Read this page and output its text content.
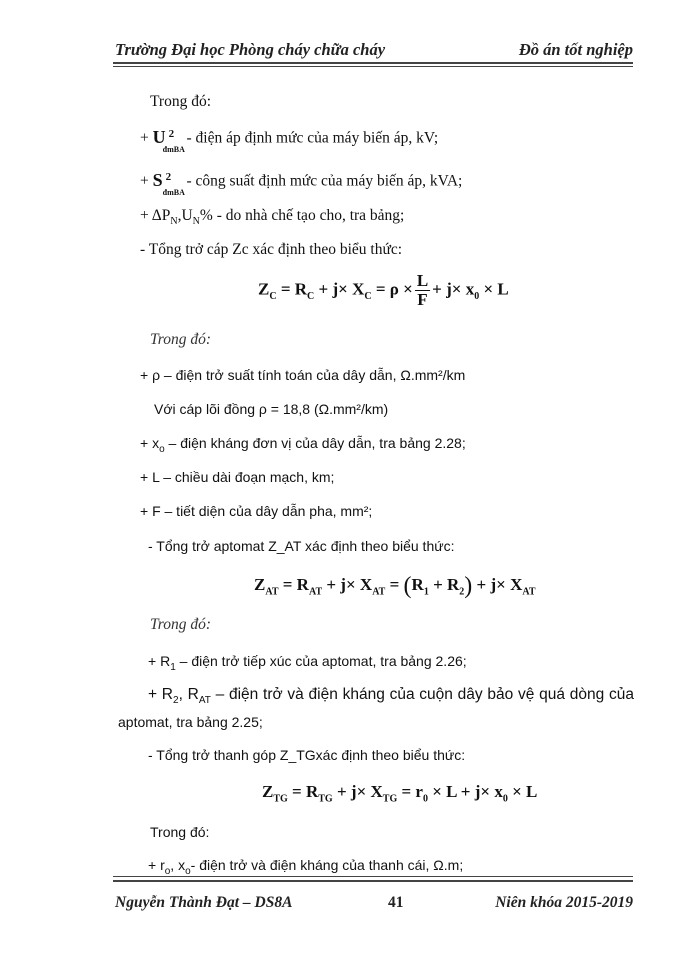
Trường Đại học Phòng cháy chữa cháy	Đồ án tốt nghiệp
Trong đó:
+ U 2
đmBA
- điện áp định mức của máy biến áp, kV;
+ S 2
đmBA
- công suất định mức của máy biến áp, kVA;
+ $\Delta P_N,U_N\%$ - do nhà chế tạo cho, tra bảng;
- Tổng trở cáp Zc xác định theo biểu thức:
$Z_C = R_C + j\times X_C = \rho \times \frac{L}{F} + j\times x_0 \times L$
Trong đó:
+ ρ – điện trở suất tính toán của dây dẫn, Ω.mm²/km
Với cáp lõi đồng ρ = 18,8 (Ω.mm²/km)
+ $x_o$ – điện kháng đơn vị của dây dẫn, tra bảng 2.28;
+ L – chiều dài đoạn mạch, km;
+ F – tiết diện của dây dẫn pha, mm²;
- Tổng trở aptomat Z_AT xác định theo biểu thức:
$Z_{AT} = R_{AT} + j\times X_{AT} = (R_1 + R_2) + j\times X_{AT}$
Trong đó:
+ $R_1$ – điện trở tiếp xúc của aptomat, tra bảng 2.26;
+ $R_2$, $R_{AT}$ – điện trở và điện kháng của cuộn dây bảo vệ quá dòng của
aptomat, tra bảng 2.25;
- Tổng trở thanh góp Z_TGxác định theo biểu thức:
$Z_{TG} = R_{TG} + j\times X_{TG} = r_0 \times L + j\times x_0 \times L$
Trong đó:
+ $r_o$, $x_o-$ điện trở và điện kháng của thanh cái, Ω.m;
Nguyễn Thành Đạt – DS8A	41	Niên khóa 2015-2019
